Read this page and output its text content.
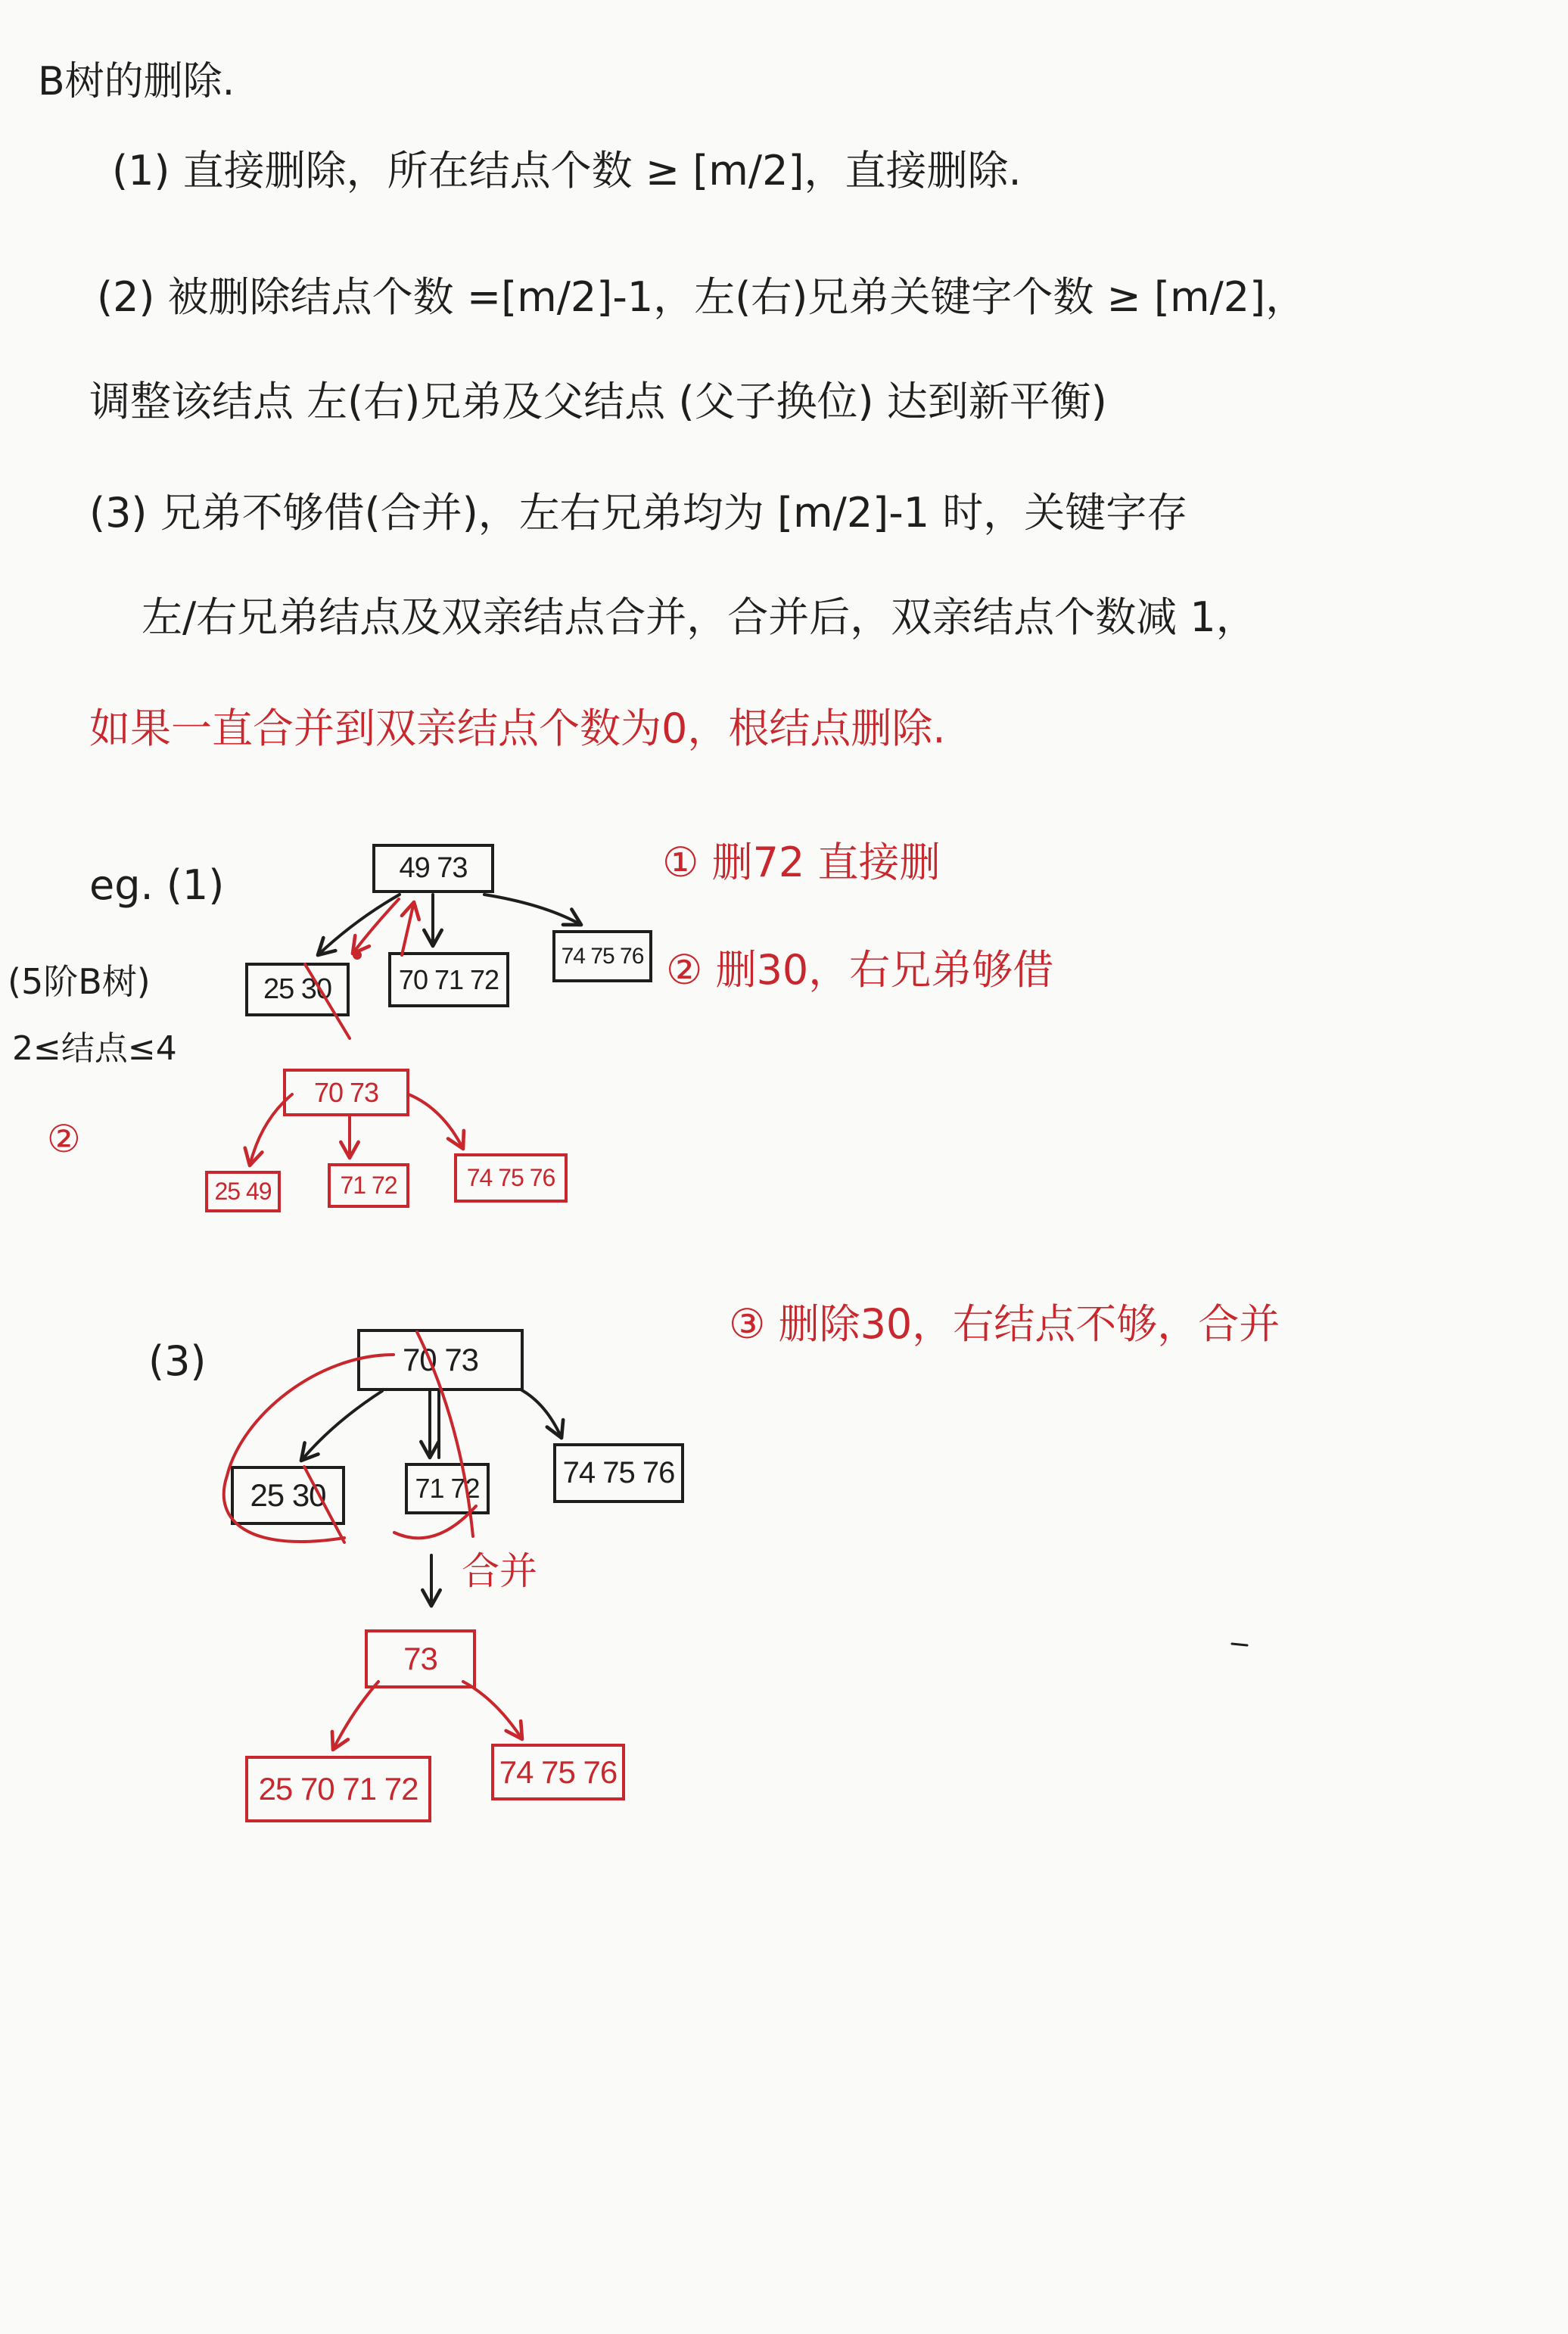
B树的删除.
(1) 直接删除，所在结点个数 ≥ [m/2]，直接删除.
(2) 被删除结点个数 =[m/2]-1，左(右)兄弟关键字个数 ≥ [m/2]，
调整该结点 左(右)兄弟及父结点 (父子换位) 达到新平衡)
(3) 兄弟不够借(合并)，左右兄弟均为 [m/2]-1 时，关键字存
左/右兄弟结点及双亲结点合并，合并后，双亲结点个数减 1，
如果一直合并到双亲结点个数为0，根结点删除.
eg. (1)
(5阶B树)
2≤结点≤4
②
① 删72 直接删
② 删30，右兄弟够借
49 73
25 30	70 71 72
74 75 76
70 73
25 49	71 72	74 75 76
(3)
③ 删除30，右结点不够，合并
合并
70 73
25 30	71 72	74 75 76
73
25 70 71 72	74 75 76
